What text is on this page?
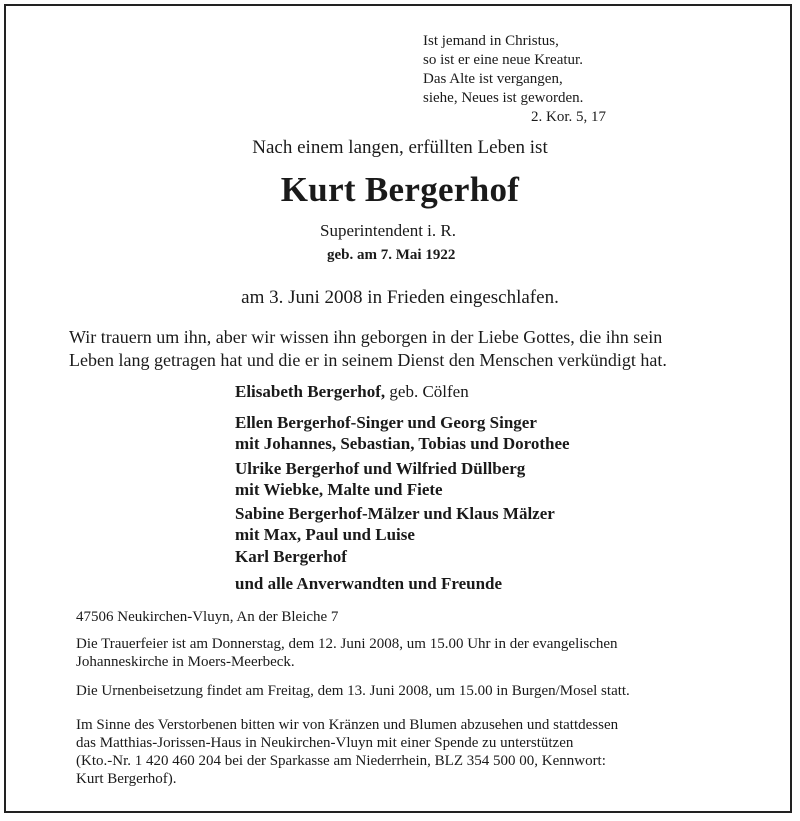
Ist jemand in Christus,
so ist er eine neue Kreatur.
Das Alte ist vergangen,
siehe, Neues ist geworden.
2. Kor. 5, 17
Nach einem langen, erfüllten Leben ist
Kurt Bergerhof
Superintendent i. R.
geb. am 7. Mai 1922
am 3. Juni 2008 in Frieden eingeschlafen.
Wir trauern um ihn, aber wir wissen ihn geborgen in der Liebe Gottes, die ihn sein
Leben lang getragen hat und die er in seinem Dienst den Menschen verkündigt hat.
Elisabeth Bergerhof, geb. Cölfen
Ellen Bergerhof-Singer und Georg Singer
mit Johannes, Sebastian, Tobias und Dorothee
Ulrike Bergerhof und Wilfried Düllberg
mit Wiebke, Malte und Fiete
Sabine Bergerhof-Mälzer und Klaus Mälzer
mit Max, Paul und Luise
Karl Bergerhof
und alle Anverwandten und Freunde
47506 Neukirchen-Vluyn, An der Bleiche 7
Die Trauerfeier ist am Donnerstag, dem 12. Juni 2008, um 15.00 Uhr in der evangelischen
Johanneskirche in Moers-Meerbeck.
Die Urnenbeisetzung findet am Freitag, dem 13. Juni 2008, um 15.00 in Burgen/Mosel statt.
Im Sinne des Verstorbenen bitten wir von Kränzen und Blumen abzusehen und stattdessen
das Matthias-Jorissen-Haus in Neukirchen-Vluyn mit einer Spende zu unterstützen
(Kto.-Nr. 1 420 460 204 bei der Sparkasse am Niederrhein, BLZ 354 500 00, Kennwort:
Kurt Bergerhof).
